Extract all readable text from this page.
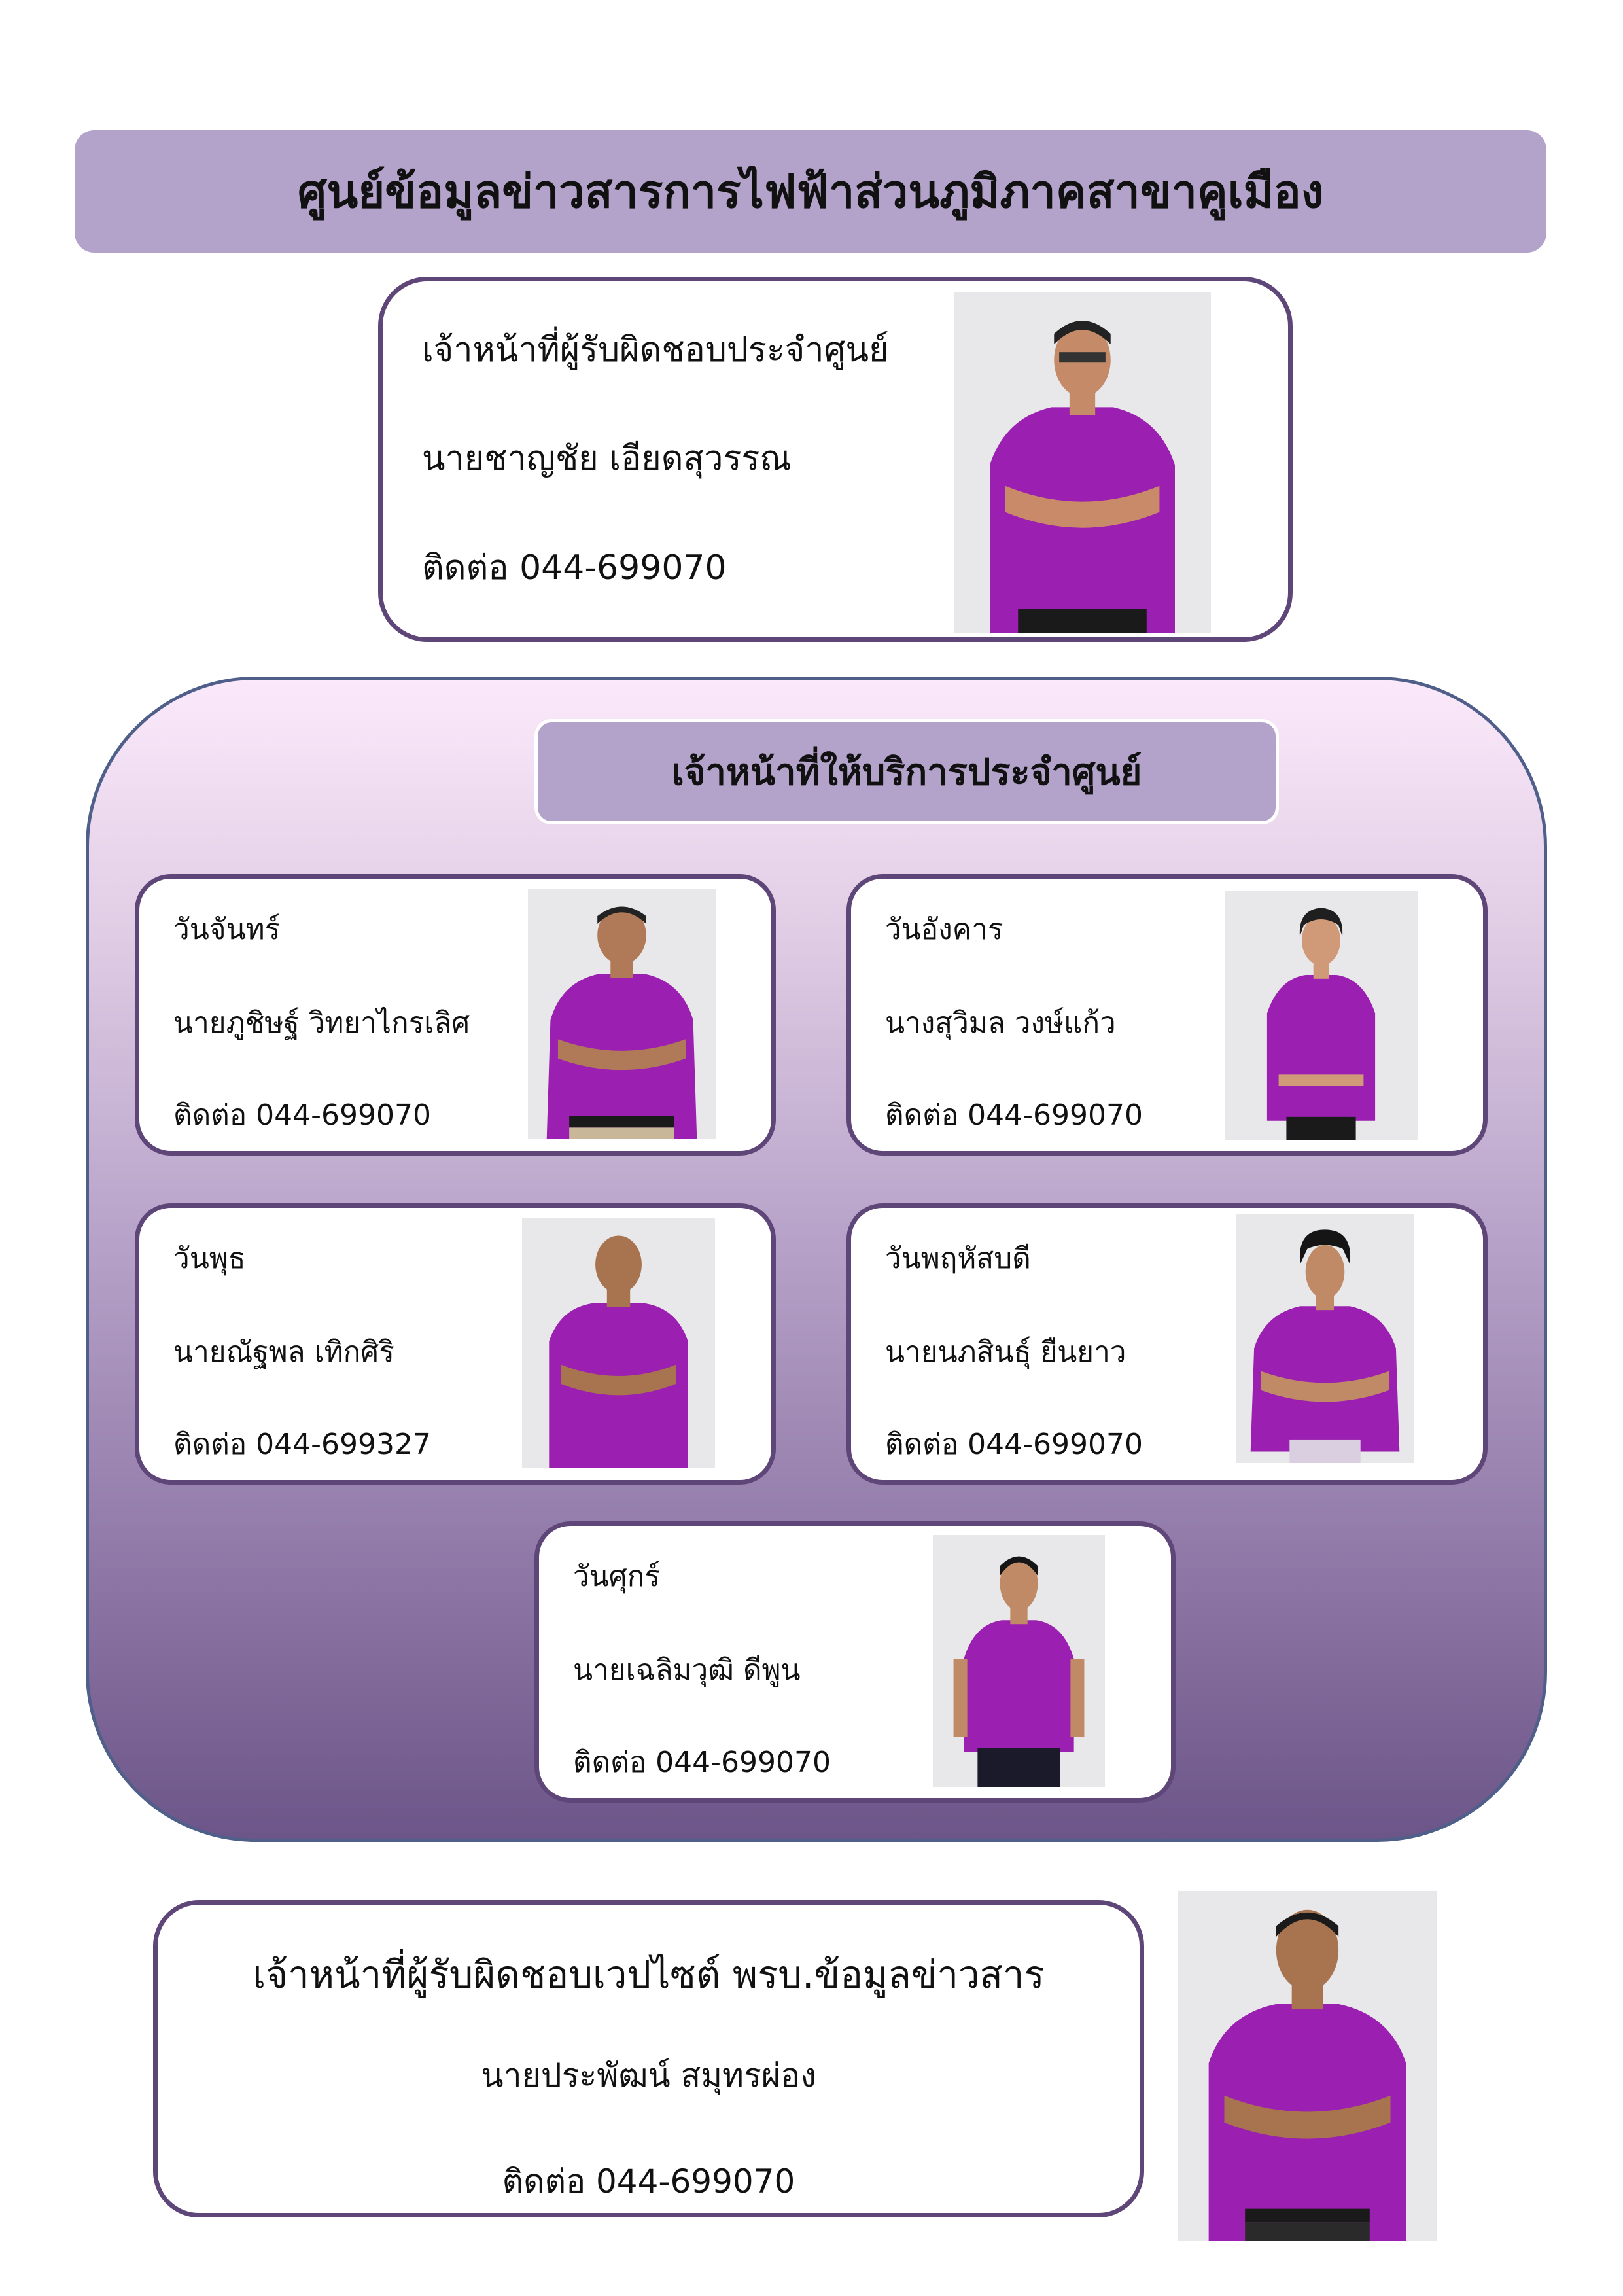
ศูนย์ข้อมูลข่าวสารการไฟฟ้าส่วนภูมิภาคสาขาคูเมือง
เจ้าหน้าที่ผู้รับผิดชอบประจำศูนย์
นายชาญชัย เอียดสุวรรณ
ติดต่อ 044-699070
เจ้าหน้าที่ให้บริการประจำศูนย์
วันจันทร์
นายภูชิษฐ์ วิทยาไกรเลิศ
ติดต่อ 044-699070
วันอังคาร
นางสุวิมล วงษ์แก้ว
ติดต่อ 044-699070
วันพุธ
นายณัฐพล เทิกศิริ
ติดต่อ 044-699327
วันพฤหัสบดี
นายนภสินธุ์ ยืนยาว
ติดต่อ 044-699070
วันศุกร์
นายเฉลิมวุฒิ ดีพูน
ติดต่อ 044-699070
เจ้าหน้าที่ผู้รับผิดชอบเวปไซต์ พรบ.ข้อมูลข่าวสาร
นายประพัฒน์ สมุทรผ่อง
ติดต่อ 044-699070
